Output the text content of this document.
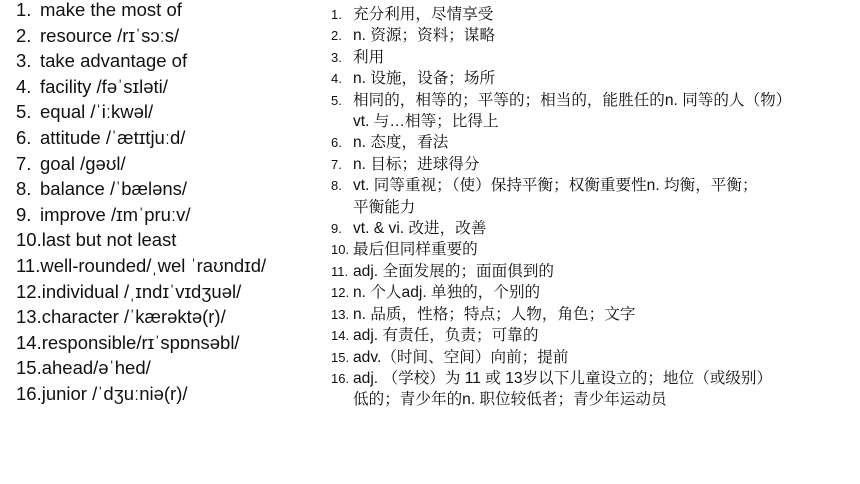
1. make the most of
2. resource /rɪˈsɔːs/
3. take advantage of
4. facility /fəˈsɪləti/
5. equal /ˈiːkwəl/
6. attitude /ˈætɪtjuːd/
7. goal /gəʊl/
8. balance /ˈbæləns/
9. improve /ɪmˈpruːv/
10. last but not least
11. well-rounded/ˌwel ˈraʊndɪd/
12. individual /ˌɪndɪˈvɪdʒuəl/
13. character /ˈkærəktə(r)/
14. responsible/rɪˈspɒnsəbl/
15. ahead/əˈhed/
16. junior /ˈdʒuːniə(r)/
1. 充分利用，尽情享受
2. n. 资源；资料；谋略
3. 利用
4. n. 设施，设备；场所
5. 相同的，相等的；平等的；相当的，能胜任的n. 同等的人（物）
vt. 与…相等；比得上
6. n. 态度，看法
7. n. 目标；进球得分
8. vt. 同等重视；（使）保持平衡；权衡重要性n. 均衡，平衡；
平衡能力
9. vt. & vi. 改进，改善
10. 最后但同样重要的
11. adj. 全面发展的；面面俱到的
12. n. 个人adj. 单独的，个别的
13. n. 品质，性格；特点；人物，角色；文字
14. adj. 有责任，负责；可靠的
15. adv.（时间、空间）向前；提前
16. adj. （学校）为 11 或 13岁以下儿童设立的；地位（或级别）
低的；青少年的n. 职位较低者；青少年运动员
